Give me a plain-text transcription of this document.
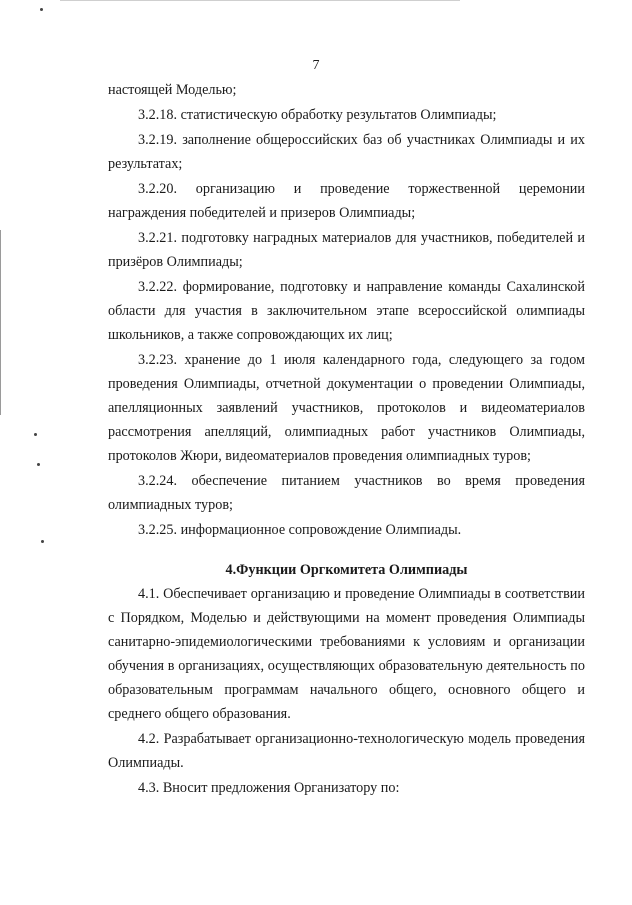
7

настоящей Моделью;

3.2.18. статистическую обработку результатов Олимпиады;

3.2.19. заполнение общероссийских баз об участниках Олимпиады и их результатах;

3.2.20. организацию и проведение торжественной церемонии награждения победителей и призеров Олимпиады;

3.2.21. подготовку наградных материалов для участников, победителей и призёров Олимпиады;

3.2.22. формирование, подготовку и направление команды Сахалинской области для участия в заключительном этапе всероссийской олимпиады школьников, а также сопровождающих их лиц;

3.2.23. хранение до 1 июля календарного года, следующего за годом проведения Олимпиады, отчетной документации о проведении Олимпиады, апелляционных заявлений участников, протоколов и видеоматериалов рассмотрения апелляций, олимпиадных работ участников Олимпиады, протоколов Жюри, видеоматериалов проведения олимпиадных туров;

3.2.24. обеспечение питанием участников во время проведения олимпиадных туров;

3.2.25. информационное сопровождение Олимпиады.

4.Функции Оргкомитета Олимпиады

4.1. Обеспечивает организацию и проведение Олимпиады в соответствии с Порядком, Моделью и действующими на момент проведения Олимпиады санитарно-эпидемиологическими требованиями к условиям и организации обучения в организациях, осуществляющих образовательную деятельность по образовательным программам начального общего, основного общего и среднего общего образования.

4.2. Разрабатывает организационно-технологическую модель проведения Олимпиады.

4.3. Вносит предложения Организатору по:
